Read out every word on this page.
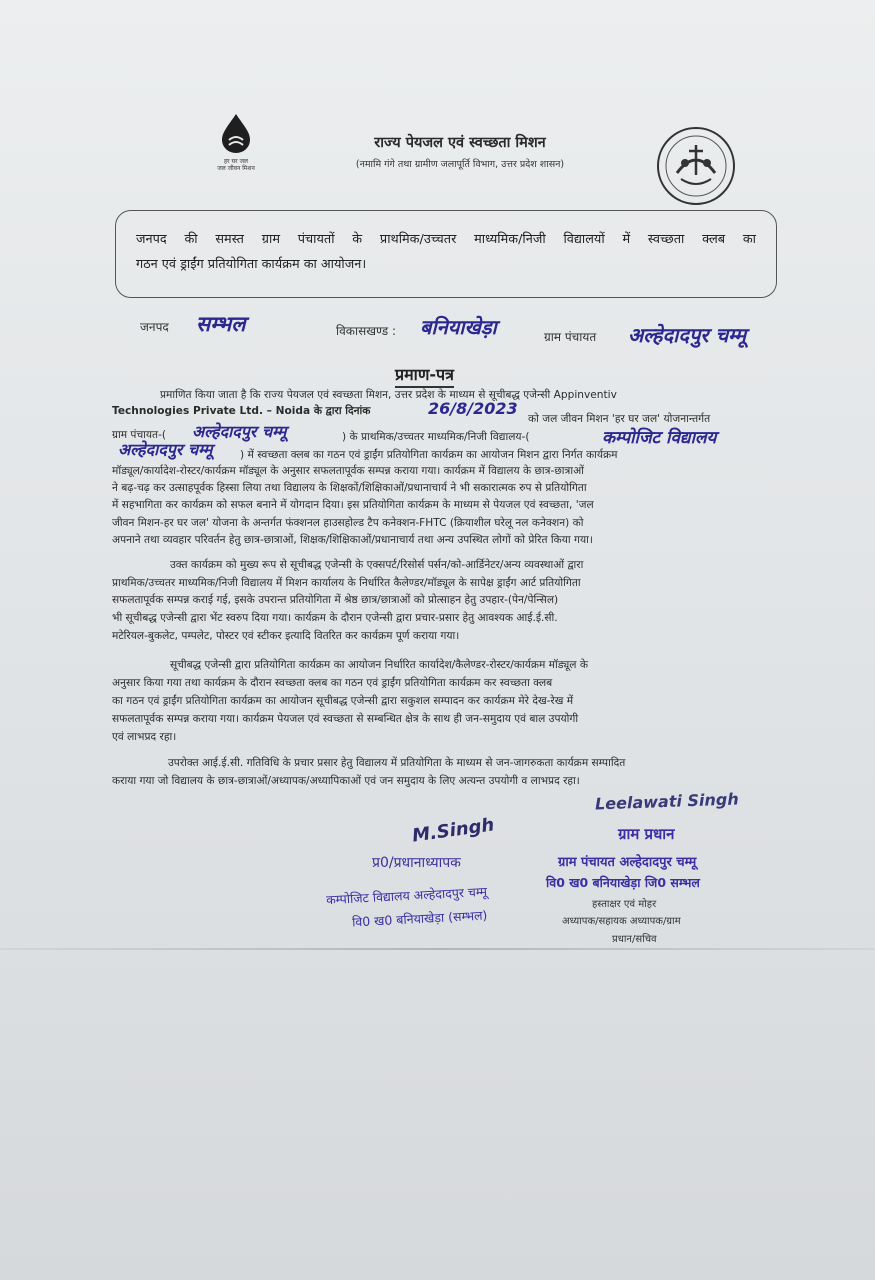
हर घर जल
जल जीवन मिशन
राज्य पेयजल एवं स्वच्छता मिशन
(नमामि गंगे तथा ग्रामीण जलापूर्ति विभाग, उत्तर प्रदेश शासन)
जनपद की समस्त ग्राम पंचायतों के प्राथमिक/उच्चतर माध्यमिक/निजी विद्यालयों में स्वच्छता क्लब का
गठन एवं ड्राईंग प्रतियोगिता कार्यक्रम का आयोजन।
जनपद सम्भल	विकासखण्ड : बनियाखेड़ा	ग्राम पंचायत अल्हेदादपुर चम्मू
प्रमाण-पत्र
प्रमाणित किया जाता है कि राज्य पेयजल एवं स्वच्छता मिशन, उत्तर प्रदेश के माध्यम से सूचीबद्ध एजेन्सी Appinventiv
Technologies Private Ltd. – Noida के द्वारा दिनांक	26/8/2023
को जल जीवन मिशन 'हर घर जल' योजनान्तर्गत
ग्राम पंचायत-(	अल्हेदादपुर चम्मू	) के प्राथमिक/उच्चतर माध्यमिक/निजी विद्यालय-(	कम्पोजिट विद्यालय
अल्हेदादपुर चम्मू	) में स्वच्छता क्लब का गठन एवं ड्राईंग प्रतियोगिता कार्यक्रम का आयोजन मिशन द्वारा निर्गत कार्यक्रम
मॉड्यूल/कार्यादेश-रोस्टर/कार्यक्रम मॉड्यूल के अनुसार सफलतापूर्वक सम्पन्न कराया गया। कार्यक्रम में विद्यालय के छात्र-छात्राओं
ने बढ़-चढ़ कर उत्साहपूर्वक हिस्सा लिया तथा विद्यालय के शिक्षकों/शिक्षिकाओं/प्रधानाचार्य ने भी सकारात्मक रुप से प्रतियोगिता
में सहभागिता कर कार्यक्रम को सफल बनाने में योगदान दिया। इस प्रतियोगिता कार्यक्रम के माध्यम से पेयजल एवं स्वच्छता, 'जल
जीवन मिशन-हर घर जल' योजना के अन्तर्गत फंक्शनल हाउसहोल्ड टैप कनेक्शन-FHTC (क्रियाशील घरेलू नल कनेक्शन) को
अपनाने तथा व्यवहार परिवर्तन हेतु छात्र-छात्राओं, शिक्षक/शिक्षिकाओं/प्रधानाचार्य तथा अन्य उपस्थित लोगों को प्रेरित किया गया।
उक्त कार्यक्रम को मुख्य रूप से सूचीबद्ध एजेन्सी के एक्सपर्ट/रिसोर्स पर्सन/को-आर्डिनेटर/अन्य व्यवस्थाओं द्वारा
प्राथमिक/उच्चतर माध्यमिक/निजी विद्यालय में मिशन कार्यालय के निर्धारित कैलेण्डर/मॉड्यूल के सापेक्ष ड्राईंग आर्ट प्रतियोगिता
सफलतापूर्वक सम्पन्न कराई गई, इसके उपरान्त प्रतियोगिता में श्रेष्ठ छात्र/छात्राओं को प्रोत्साहन हेतु उपहार-(पेन/पेन्सिल)
भी सूचीबद्ध एजेन्सी द्वारा भेंट स्वरुप दिया गया। कार्यक्रम के दौरान एजेन्सी द्वारा प्रचार-प्रसार हेतु आवश्यक आई.ई.सी.
मटेरियल-बुकलेट, पम्पलेट, पोस्टर एवं स्टीकर इत्यादि वितरित कर कार्यक्रम पूर्ण कराया गया।
सूचीबद्ध एजेन्सी द्वारा प्रतियोगिता कार्यक्रम का आयोजन निर्धारित कार्यादेश/कैलेण्डर-रोस्टर/कार्यक्रम मॉड्यूल के
अनुसार किया गया तथा कार्यक्रम के दौरान स्वच्छता क्लब का गठन एवं ड्राईंग प्रतियोगिता कार्यक्रम कर स्वच्छता क्लब
का गठन एवं ड्राईंग प्रतियोगिता कार्यक्रम का आयोजन सूचीबद्ध एजेन्सी द्वारा सकुशल सम्पादन कर कार्यक्रम मेरे देख-रेख में
सफलतापूर्वक सम्पन्न कराया गया। कार्यक्रम पेयजल एवं स्वच्छता से सम्बन्धित क्षेत्र के साथ ही जन-समुदाय एवं बाल उपयोगी
एवं लाभप्रद रहा।
उपरोक्त आई.ई.सी. गतिविधि के प्रचार प्रसार हेतु विद्यालय में प्रतियोगिता के माध्यम से जन-जागरुकता कार्यक्रम सम्पादित
कराया गया जो विद्यालय के छात्र-छात्राओं/अध्यापक/अध्यापिकाओं एवं जन समुदाय के लिए अत्यन्त उपयोगी व लाभप्रद रहा।
Leelawati Singh
ग्राम प्रधान
ग्राम पंचायत अल्हेदादपुर चम्मू
वि0 ख0 बनियाखेड़ा जि0 सम्भल
M.Singh
प्र0/प्रधानाध्यापक
कम्पोजिट विद्यालय अल्हेदादपुर चम्मू
वि0 ख0 बनियाखेड़ा (सम्भल)
हस्ताक्षर एवं मोहर
अध्यापक/सहायक अध्यापक/ग्राम
प्रधान/सचिव
